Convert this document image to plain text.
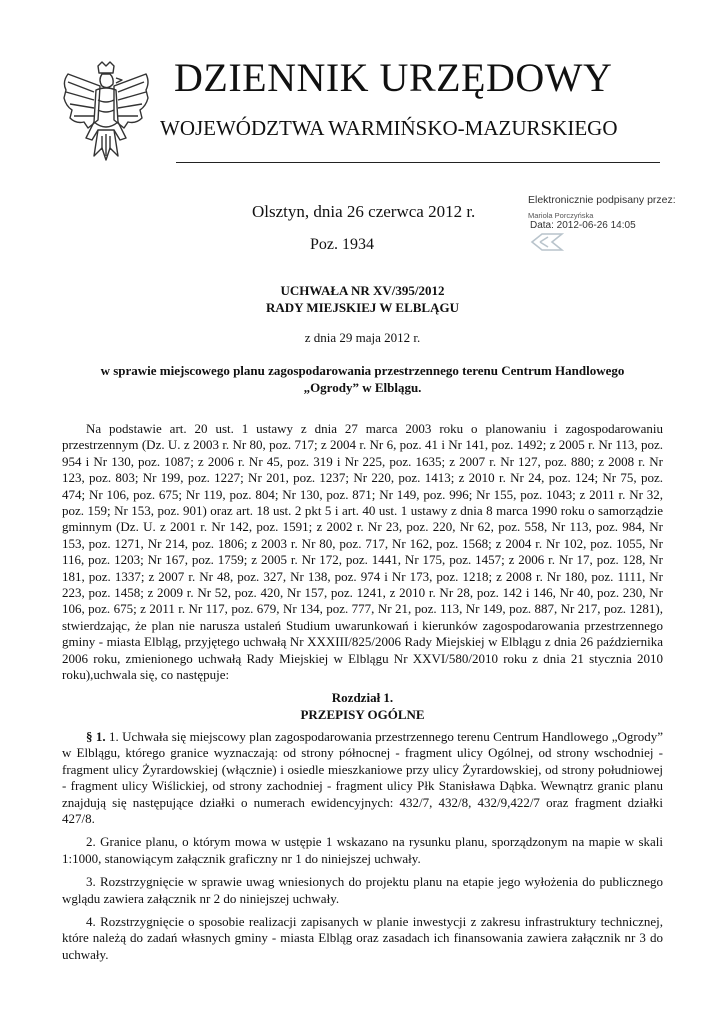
DZIENNIK URZĘDOWY
WOJEWÓDZTWA WARMIŃSKO-MAZURSKIEGO
Olsztyn, dnia 26 czerwca 2012 r.
Poz. 1934
Elektronicznie podpisany przez:
Mariola Porczyńska
Data: 2012-06-26 14:05
UCHWAŁA NR XV/395/2012
RADY MIEJSKIEJ W ELBLĄGU
z dnia 29 maja 2012 r.
w sprawie miejscowego planu zagospodarowania przestrzennego terenu Centrum Handlowego
„Ogrody” w Elblągu.

Na podstawie art. 20 ust. 1 ustawy z dnia 27 marca 2003 roku o planowaniu i zagospodarowaniu przestrzennym (Dz. U. z 2003 r. Nr 80, poz. 717; z 2004 r. Nr 6, poz. 41 i Nr 141, poz. 1492; z 2005 r. Nr 113, poz. 954 i Nr 130, poz. 1087; z 2006 r. Nr 45, poz. 319 i Nr 225, poz. 1635; z 2007 r. Nr 127, poz. 880; z 2008 r. Nr 123, poz. 803; Nr 199, poz. 1227; Nr 201, poz. 1237; Nr 220, poz. 1413; z 2010 r. Nr 24, poz. 124; Nr 75, poz. 474; Nr 106, poz. 675; Nr 119, poz. 804; Nr 130, poz. 871; Nr 149, poz. 996; Nr 155, poz. 1043; z 2011 r. Nr 32, poz. 159; Nr 153, poz. 901) oraz art. 18 ust. 2 pkt 5 i art. 40 ust. 1 ustawy z dnia 8 marca 1990 roku o samorządzie gminnym (Dz. U. z 2001 r. Nr 142, poz. 1591; z 2002 r. Nr 23, poz. 220, Nr 62, poz. 558, Nr 113, poz. 984, Nr 153, poz. 1271, Nr 214, poz. 1806; z 2003 r. Nr 80, poz. 717, Nr 162, poz. 1568; z 2004 r. Nr 102, poz. 1055, Nr 116, poz. 1203; Nr 167, poz. 1759; z 2005 r. Nr 172, poz. 1441, Nr 175, poz. 1457; z 2006 r. Nr 17, poz. 128, Nr 181, poz. 1337; z 2007 r. Nr 48, poz. 327, Nr 138, poz. 974 i Nr 173, poz. 1218; z 2008 r. Nr 180, poz. 1111, Nr 223, poz. 1458; z 2009 r. Nr 52, poz. 420, Nr 157, poz. 1241, z 2010 r. Nr 28, poz. 142 i 146, Nr 40, poz. 230, Nr 106, poz. 675; z 2011 r. Nr 117, poz. 679, Nr 134, poz. 777, Nr 21, poz. 113, Nr 149, poz. 887, Nr 217, poz. 1281), stwierdzając, że plan nie narusza ustaleń Studium uwarunkowań i kierunków zagospodarowania przestrzennego gminy - miasta Elbląg, przyjętego uchwałą Nr XXXIII/825/2006 Rady Miejskiej w Elblągu z dnia 26 października 2006 roku, zmienionego uchwałą Rady Miejskiej w Elblągu Nr XXVI/580/2010 roku z dnia 21 stycznia 2010 roku),uchwala się, co następuje:

Rozdział 1.
PRZEPISY OGÓLNE

§ 1. 1. Uchwała się miejscowy plan zagospodarowania przestrzennego terenu Centrum Handlowego „Ogrody” w Elblągu, którego granice wyznaczają: od strony północnej - fragment ulicy Ogólnej, od strony wschodniej - fragment ulicy Żyrardowskiej (włącznie) i osiedle mieszkaniowe przy ulicy Żyrardowskiej, od strony południowej - fragment ulicy Wiślickiej, od strony zachodniej - fragment ulicy Płk Stanisława Dąbka. Wewnątrz granic planu znajdują się następujące działki o numerach ewidencyjnych: 432/7, 432/8, 432/9,422/7 oraz fragment działki 427/8.

2. Granice planu, o którym mowa w ustępie 1 wskazano na rysunku planu, sporządzonym na mapie w skali 1:1000, stanowiącym załącznik graficzny nr 1 do niniejszej uchwały.

3. Rozstrzygnięcie w sprawie uwag wniesionych do projektu planu na etapie jego wyłożenia do publicznego wglądu zawiera załącznik nr 2 do niniejszej uchwały.

4. Rozstrzygnięcie o sposobie realizacji zapisanych w planie inwestycji z zakresu infrastruktury technicznej, które należą do zadań własnych gminy - miasta Elbląg oraz zasadach ich finansowania zawiera załącznik nr 3 do uchwały.
